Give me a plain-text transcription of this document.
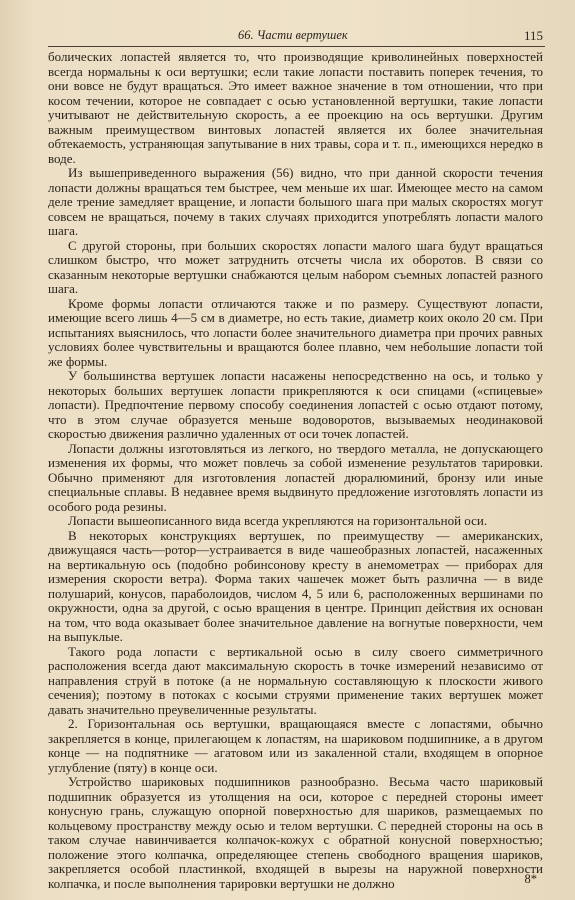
66. Части вертушек	115

болических лопастей является то, что производящие криволинейных поверхностей всегда нормальны к оси вертушки; если такие лопасти поставить поперек течения, то они вовсе не будут вращаться. Это имеет важное значение в том отношении, что при косом течении, которое не совпадает с осью установленной вертушки, такие лопасти учитывают не действительную скорость, а ее проекцию на ось вертушки. Другим важным преимуществом винтовых лопастей является их более значительная обтекаемость, устраняющая запутывание в них травы, сора и т. п., имеющихся нередко в воде.

Из вышеприведенного выражения (56) видно, что при данной скорости течения лопасти должны вращаться тем быстрее, чем меньше их шаг. Имеющее место на самом деле трение замедляет вращение, и лопасти большого шага при малых скоростях могут совсем не вращаться, почему в таких случаях приходится употреблять лопасти малого шага.

С другой стороны, при больших скоростях лопасти малого шага будут вращаться слишком быстро, что может затруднить отсчеты числа их оборотов. В связи со сказанным некоторые вертушки снабжаются целым набором съемных лопастей разного шага.

Кроме формы лопасти отличаются также и по размеру. Существуют лопасти, имеющие всего лишь 4—5 см в диаметре, но есть такие, диаметр коих около 20 см. При испытаниях выяснилось, что лопасти более значительного диаметра при прочих равных условиях более чувствительны и вращаются более плавно, чем небольшие лопасти той же формы.

У большинства вертушек лопасти насажены непосредственно на ось, и только у некоторых больших вертушек лопасти прикрепляются к оси спицами («спицевые» лопасти). Предпочтение первому способу соединения лопастей с осью отдают потому, что в этом случае образуется меньше водоворотов, вызываемых неодинаковой скоростью движения различно удаленных от оси точек лопастей.

Лопасти должны изготовляться из легкого, но твердого металла, не допускающего изменения их формы, что может повлечь за собой изменение результатов тарировки. Обычно применяют для изготовления лопастей дюралюминий, бронзу или иные специальные сплавы. В недавнее время выдвинуто предложение изготовлять лопасти из особого рода резины.

Лопасти вышеописанного вида всегда укрепляются на горизонтальной оси.

В некоторых конструкциях вертушек, по преимуществу — американских, движущаяся часть—ротор—устраивается в виде чашеобразных лопастей, насаженных на вертикальную ось (подобно робинсонову кресту в анемометрах — приборах для измерения скорости ветра). Форма таких чашечек может быть различна — в виде полушарий, конусов, параболоидов, числом 4, 5 или 6, расположенных вершинами по окружности, одна за другой, с осью вращения в центре. Принцип действия их основан на том, что вода оказывает более значительное давление на вогнутые поверхности, чем на выпуклые.

Такого рода лопасти с вертикальной осью в силу своего симметричного расположения всегда дают максимальную скорость в точке измерений независимо от направления струй в потоке (а не нормальную составляющую к плоскости живого сечения); поэтому в потоках с косыми струями применение таких вертушек может давать значительно преувеличенные результаты.

2. Горизонтальная ось вертушки, вращающаяся вместе с лопастями, обычно закрепляется в конце, прилегающем к лопастям, на шариковом подшипнике, а в другом конце — на подпятнике — агатовом или из закаленной стали, входящем в опорное углубление (пяту) в конце оси.

Устройство шариковых подшипников разнообразно. Весьма часто шариковый подшипник образуется из утолщения на оси, которое с передней стороны имеет конусную грань, служащую опорной поверхностью для шариков, размещаемых по кольцевому пространству между осью и телом вертушки. С передней стороны на ось в таком случае навинчивается колпачок-кожух с обратной конусной поверхностью; положение этого колпачка, определяющее степень свободного вращения шариков, закрепляется особой пластинкой, входящей в вырезы на наружной поверхности колпачка, и после выполнения тарировки вертушки не должно	8*
